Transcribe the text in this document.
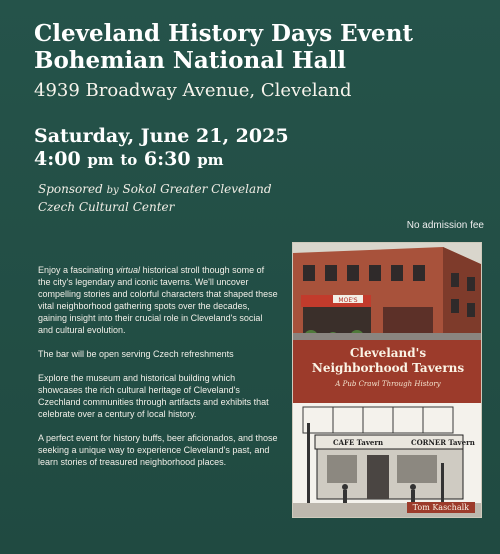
Cleveland History Days Event
Bohemian National Hall
4939 Broadway Avenue, Cleveland
Saturday, June 21, 2025
4:00 pm to 6:30 pm
Sponsored by Sokol Greater Cleveland
Czech Cultural Center
No admission fee

Enjoy a fascinating virtual historical stroll though some of the city's legendary and iconic taverns. We'll uncover compelling stories and colorful characters that shaped these vital neighborhood gathering spots over the decades, gaining insight into their crucial role in Cleveland's social and cultural evolution.

The bar will be open serving Czech refreshments

Explore the museum and historical building which showcases the rich cultural heritage of Cleveland's Czechland communities through artifacts and exhibits that celebrate over a century of local history.

A perfect event for history buffs, beer aficionados, and those seeking a unique way to experience Cleveland's past, and learn stories of treasured neighborhood places.

MOE'S
Cleveland's
Neighborhood Taverns
A Pub Crawl Through History
CAFE Tavern	CORNER Tavern
Tom Kaschalk
